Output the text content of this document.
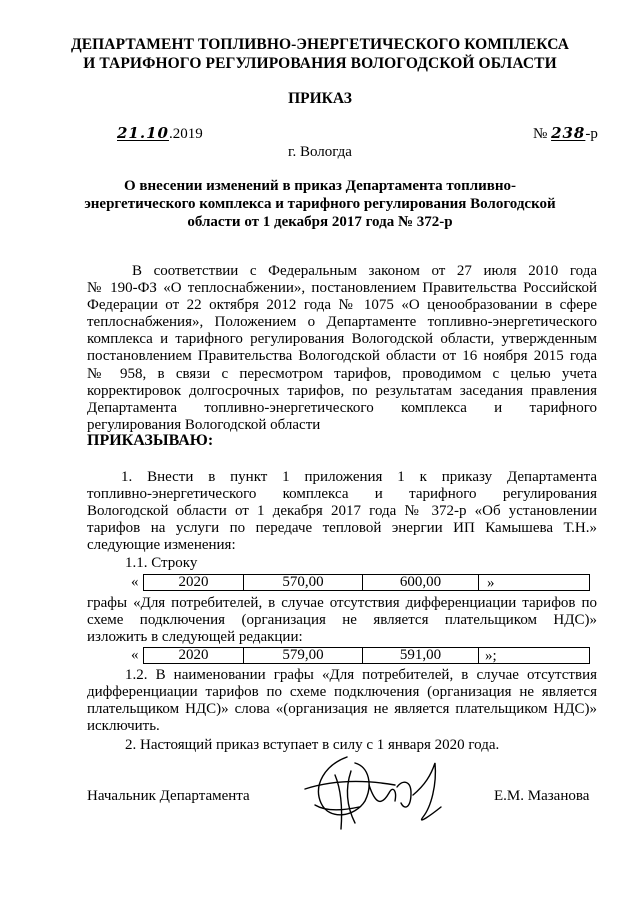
ДЕПАРТАМЕНТ ТОПЛИВНО-ЭНЕРГЕТИЧЕСКОГО КОМПЛЕКСА
И ТАРИФНОГО РЕГУЛИРОВАНИЯ ВОЛОГОДСКОЙ ОБЛАСТИ
ПРИКАЗ
21.10.2019	№ 238-р
г. Вологда
О внесении изменений в приказ Департамента топливно-
энергетического комплекса и тарифного регулирования Вологодской
области от 1 декабря 2017 года № 372-р
В соответствии с Федеральным законом от 27 июля 2010 года
№ 190-ФЗ «О теплоснабжении», постановлением Правительства Российской
Федерации от 22 октября 2012 года № 1075 «О ценообразовании в сфере
теплоснабжения», Положением о Департаменте топливно-энергетического
комплекса и тарифного регулирования Вологодской области, утвержденным
постановлением Правительства Вологодской области от 16 ноября 2015 года
№ 958, в связи с пересмотром тарифов, проводимом с целью учета
корректировок долгосрочных тарифов, по результатам заседания правления
Департамента топливно-энергетического комплекса и тарифного
регулирования Вологодской области
ПРИКАЗЫВАЮ:
1. Внести в пункт 1 приложения 1 к приказу Департамента
топливно-энергетического комплекса и тарифного регулирования
Вологодской области от 1 декабря 2017 года № 372-р «Об установлении
тарифов на услуги по передаче тепловой энергии ИП Камышева Т.Н.»
следующие изменения:
1.1. Строку
«	2020	570,00	600,00		»
графы «Для потребителей, в случае отсутствия дифференциации тарифов по
схеме подключения (организация не является плательщиком НДС)»
изложить в следующей редакции:
«	2020	579,00	591,00		»;
1.2. В наименовании графы «Для потребителей, в случае отсутствия
дифференциации тарифов по схеме подключения (организация не является
плательщиком НДС)» слова «(организация не является плательщиком НДС)»
исключить.
2. Настоящий приказ вступает в силу с 1 января 2020 года.
Начальник Департамента	Е.М. Мазанова
